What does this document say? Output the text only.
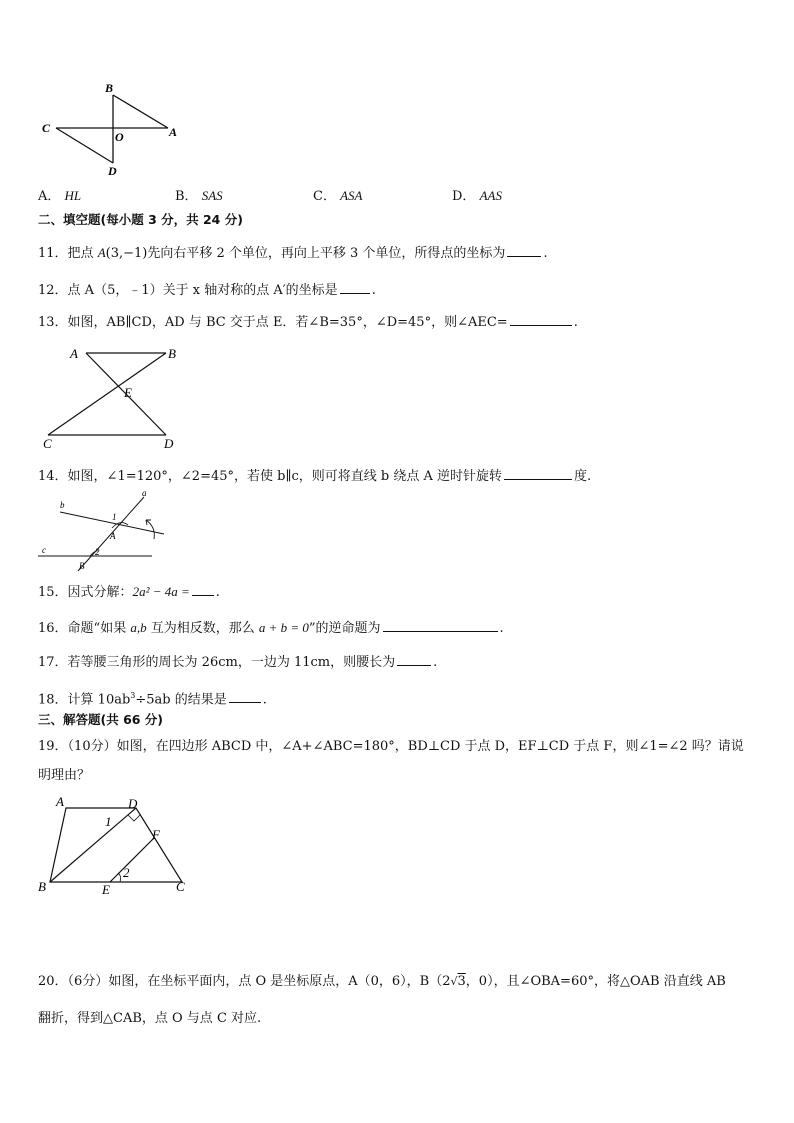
B
C
O	A
D
A． HL	B． SAS	C． ASA	D． AAS
二、填空题(每小题 3 分，共 24 分)
11．把点 A(3,−1)先向右平移 2 个单位，再向上平移 3 个单位，所得点的坐标为	.
12．点 A（5，﹣1）关于 x 轴对称的点 A′的坐标是	.
13．如图，AB∥CD，AD 与 BC 交于点 E．若∠B=35°，∠D=45°，则∠AEC=	.
A	B
E
C	D
14．如图，∠1=120°，∠2=45°，若使 b∥c，则可将直线 b 绕点 A 逆时针旋转	度.
a
b
c
1
A
2
B
15．因式分解：2a² − 4a = .
16．命题“如果 a,b 互为相反数，那么 a + b = 0”的逆命题为	.
17．若等腰三角形的周长为 26cm，一边为 11cm，则腰长为	.
18．计算 $10ab^3\div 5ab$ 的结果是	.
三、解答题(共 66 分)
19．（10分）如图，在四边形 ABCD 中，∠A+∠ABC=180°，BD⊥CD 于点 D，EF⊥CD 于点 F，则∠1=∠2 吗？请说
明理由？
A	D
1
F
2
B	E	C
20．（6分）如图，在坐标平面内，点 O 是坐标原点，A（0，6），B（2√3，0），且∠OBA=60°，将△OAB 沿直线 AB
翻折，得到△CAB，点 O 与点 C 对应.
